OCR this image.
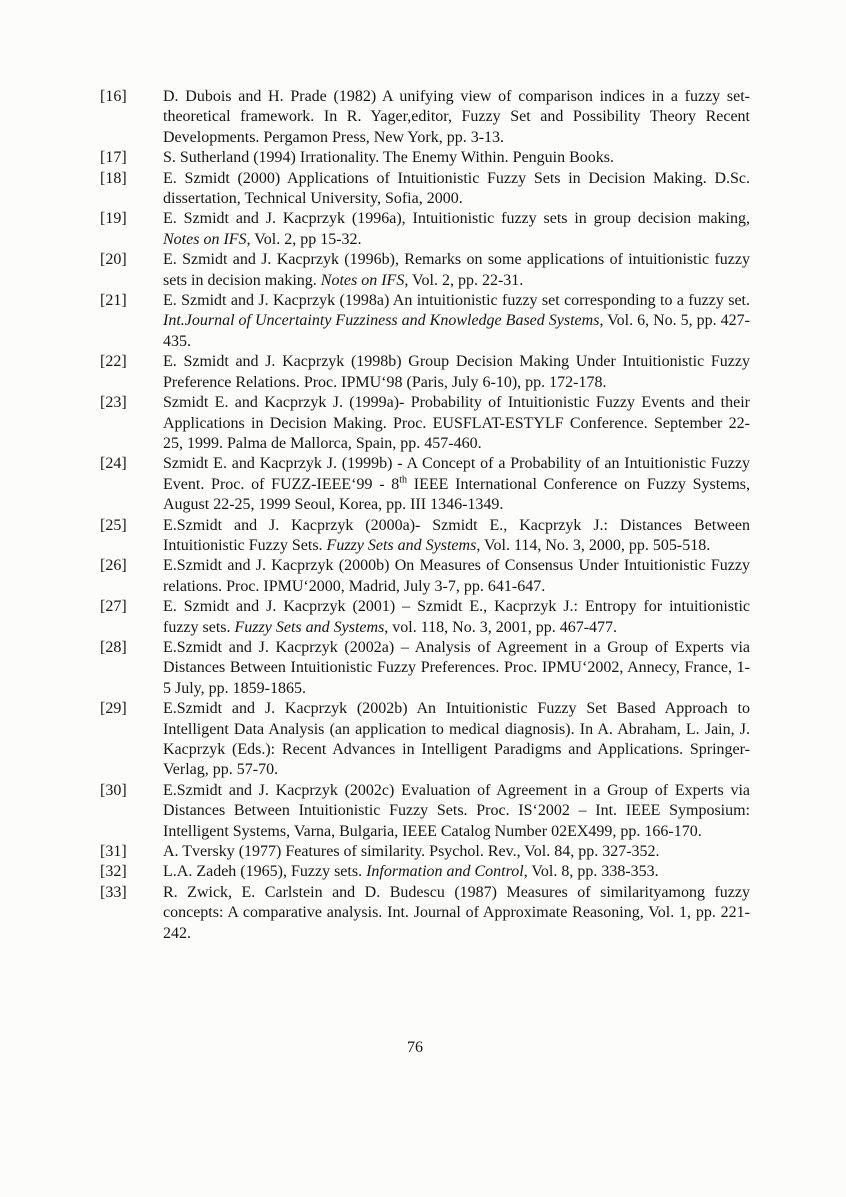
[16]	D. Dubois and H. Prade (1982) A unifying view of comparison indices in a fuzzy set-theoretical framework. In R. Yager,editor, Fuzzy Set and Possibility Theory Recent Developments. Pergamon Press, New York, pp. 3-13.
[17]	S. Sutherland (1994) Irrationality. The Enemy Within. Penguin Books.
[18]	E. Szmidt (2000) Applications of Intuitionistic Fuzzy Sets in Decision Making. D.Sc. dissertation, Technical University, Sofia, 2000.
[19]	E. Szmidt and J. Kacprzyk (1996a), Intuitionistic fuzzy sets in group decision making, Notes on IFS, Vol. 2, pp 15-32.
[20]	E. Szmidt and J. Kacprzyk (1996b), Remarks on some applications of intuitionistic fuzzy sets in decision making. Notes on IFS, Vol. 2, pp. 22-31.
[21]	E. Szmidt and J. Kacprzyk (1998a) An intuitionistic fuzzy set corresponding to a fuzzy set. Int.Journal of Uncertainty Fuzziness and Knowledge Based Systems, Vol. 6, No. 5, pp. 427-435.
[22]	E. Szmidt and J. Kacprzyk (1998b) Group Decision Making Under Intuitionistic Fuzzy Preference Relations. Proc. IPMU‘98 (Paris, July 6-10), pp. 172-178.
[23]	Szmidt E. and Kacprzyk J. (1999a)- Probability of Intuitionistic Fuzzy Events and their Applications in Decision Making. Proc. EUSFLAT-ESTYLF Conference. September 22-25, 1999. Palma de Mallorca, Spain, pp. 457-460.
[24]	Szmidt E. and Kacprzyk J. (1999b) - A Concept of a Probability of an Intuitionistic Fuzzy Event. Proc. of FUZZ-IEEE‘99 - 8th IEEE International Conference on Fuzzy Systems, August 22-25, 1999 Seoul, Korea, pp. III 1346-1349.
[25]	E.Szmidt and J. Kacprzyk (2000a)- Szmidt E., Kacprzyk J.: Distances Between Intuitionistic Fuzzy Sets. Fuzzy Sets and Systems, Vol. 114, No. 3, 2000, pp. 505-518.
[26]	E.Szmidt and J. Kacprzyk (2000b) On Measures of Consensus Under Intuitionistic Fuzzy relations. Proc. IPMU‘2000, Madrid, July 3-7, pp. 641-647.
[27]	E. Szmidt and J. Kacprzyk (2001) – Szmidt E., Kacprzyk J.: Entropy for intuitionistic fuzzy sets. Fuzzy Sets and Systems, vol. 118, No. 3, 2001, pp. 467-477.
[28]	E.Szmidt and J. Kacprzyk (2002a) – Analysis of Agreement in a Group of Experts via Distances Between Intuitionistic Fuzzy Preferences. Proc. IPMU‘2002, Annecy, France, 1-5 July, pp. 1859-1865.
[29]	E.Szmidt and J. Kacprzyk (2002b) An Intuitionistic Fuzzy Set Based Approach to Intelligent Data Analysis (an application to medical diagnosis). In A. Abraham, L. Jain, J. Kacprzyk (Eds.): Recent Advances in Intelligent Paradigms and Applications. Springer-Verlag, pp. 57-70.
[30]	E.Szmidt and J. Kacprzyk (2002c) Evaluation of Agreement in a Group of Experts via Distances Between Intuitionistic Fuzzy Sets. Proc. IS‘2002 – Int. IEEE Symposium: Intelligent Systems, Varna, Bulgaria, IEEE Catalog Number 02EX499, pp. 166-170.
[31]	A. Tversky (1977) Features of similarity. Psychol. Rev., Vol. 84, pp. 327-352.
[32]	L.A. Zadeh (1965), Fuzzy sets. Information and Control, Vol. 8, pp. 338-353.
[33]	R. Zwick, E. Carlstein and D. Budescu (1987) Measures of similarityamong fuzzy concepts: A comparative analysis. Int. Journal of Approximate Reasoning, Vol. 1, pp. 221-242.
76
